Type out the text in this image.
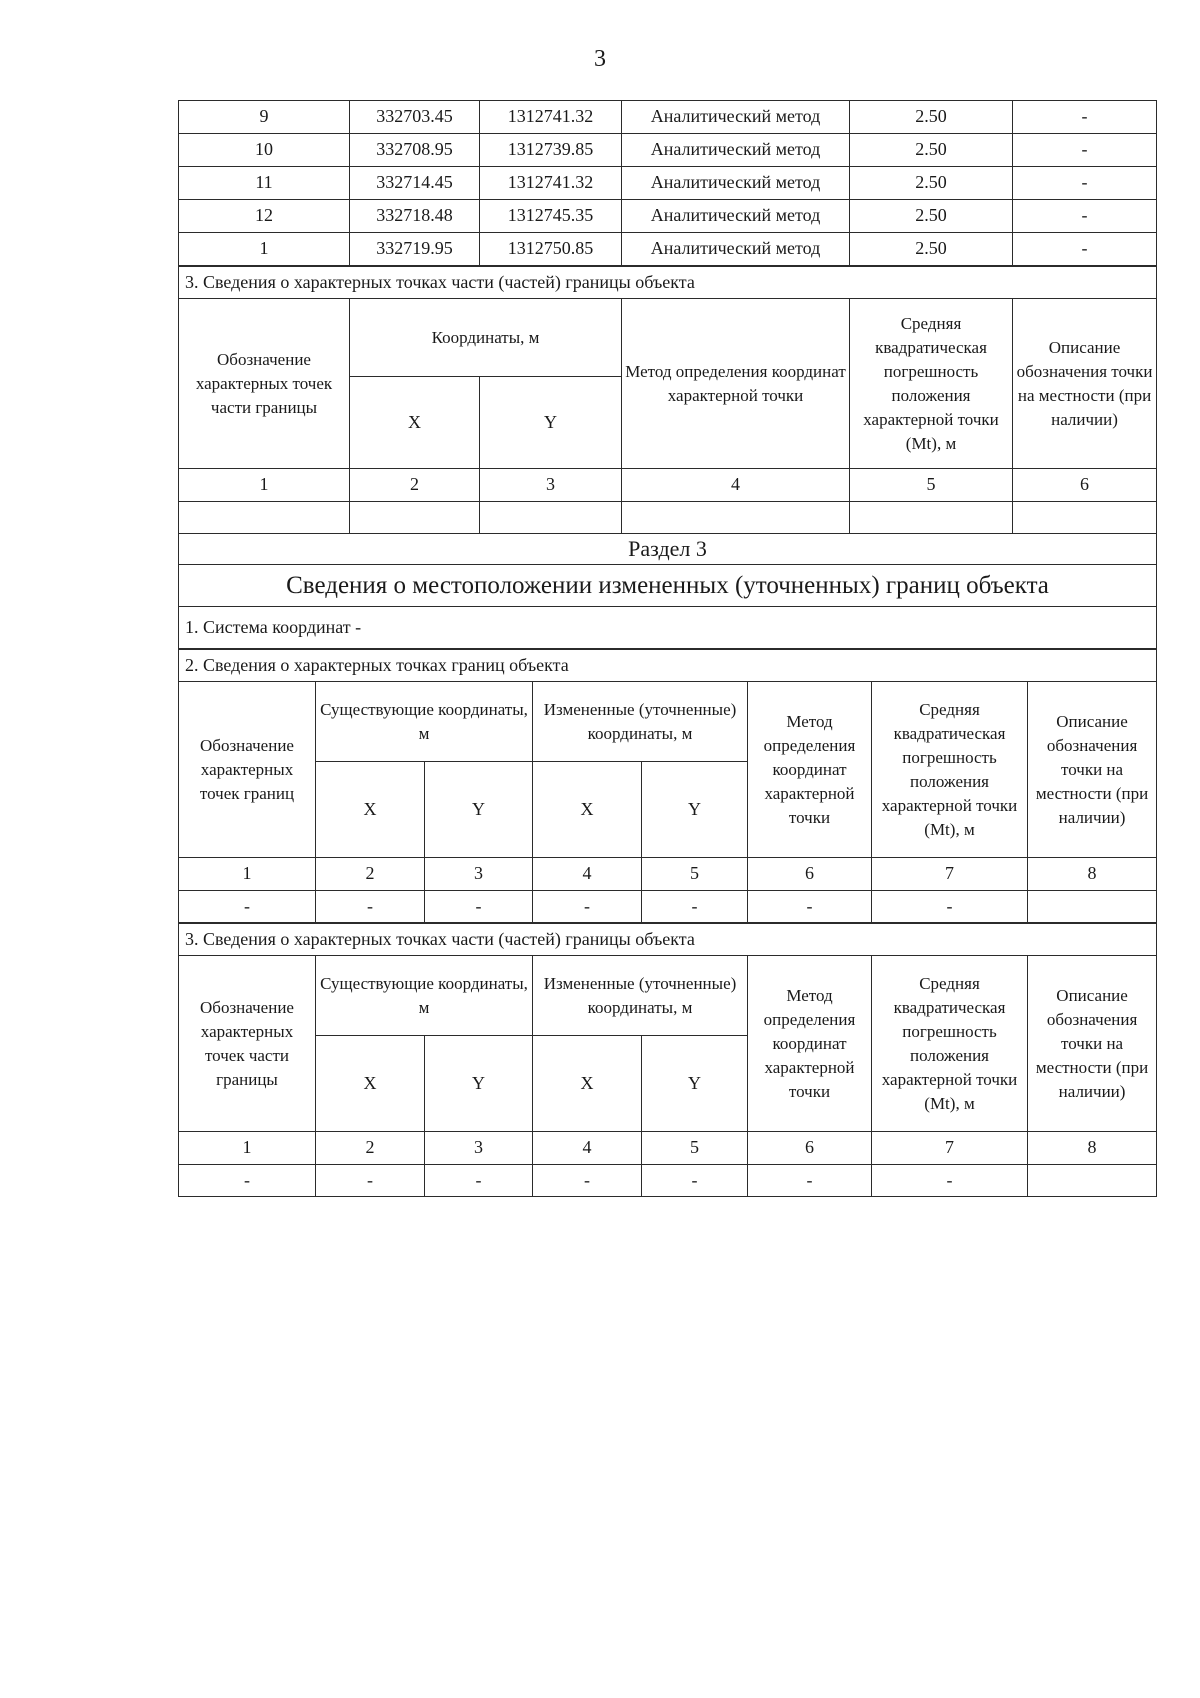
3
9	332703.45	1312741.32	Аналитический метод	2.50	-
10	332708.95	1312739.85	Аналитический метод	2.50	-
11	332714.45	1312741.32	Аналитический метод	2.50	-
12	332718.48	1312745.35	Аналитический метод	2.50	-
1	332719.95	1312750.85	Аналитический метод	2.50	-
3. Сведения о характерных точках части (частей) границы объекта					
Обозначение характерных точек части границы	Координаты, м		Метод определения координат характерной точки	Средняя квадратическая погрешность положения характерной точки (Mt), м	Описание обозначения точки на местности (при наличии)
	X	Y			
1	2	3	4	5	6

Раздел 3					
Сведения о местоположении измененных (уточненных) границ объекта					
1. Система координат -					
2. Сведения о характерных точках границ объекта							
Обозначение характерных точек границ	Существующие координаты, м		Измененные (уточненные) координаты, м		Метод определения координат характерной точки	Средняя квадратическая погрешность положения характерной точки (Mt), м	Описание обозначения точки на местности (при наличии)
	X	Y	X	Y			
1	2	3	4	5	6	7	8
-	-	-	-	-	-	-	
3. Сведения о характерных точках части (частей) границы объекта							
Обозначение характерных точек части границы	Существующие координаты, м		Измененные (уточненные) координаты, м		Метод определения координат характерной точки	Средняя квадратическая погрешность положения характерной точки (Mt), м	Описание обозначения точки на местности (при наличии)
	X	Y	X	Y			
1	2	3	4	5	6	7	8
-	-	-	-	-	-	-	
